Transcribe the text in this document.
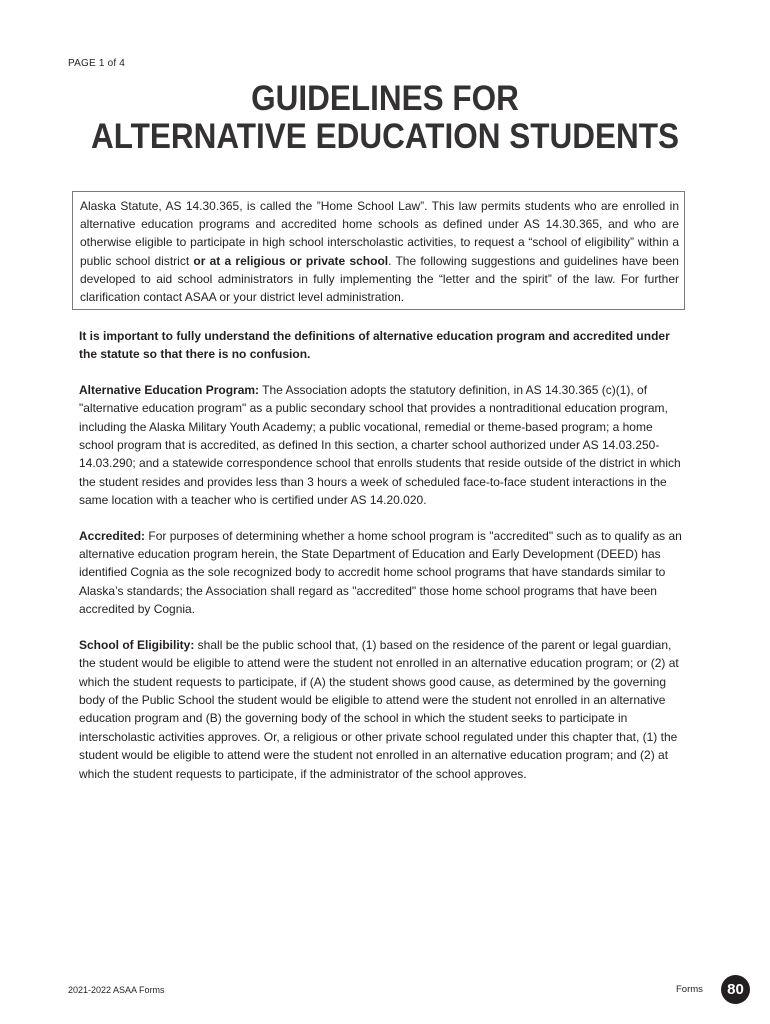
PAGE 1 of 4
GUIDELINES FOR
ALTERNATIVE EDUCATION STUDENTS
Alaska Statute, AS 14.30.365, is called the ”Home School Law”. This law permits students who are enrolled in alternative education programs and accredited home schools as defined under AS 14.30.365, and who are otherwise eligible to participate in high school interscholastic activities, to request a “school of eligibility” within a public school district or at a religious or private school. The following suggestions and guidelines have been developed to aid school administrators in fully implementing the “letter and the spirit” of the law. For further clarification contact ASAA or your district level administration.

It is important to fully understand the definitions of alternative education program and accredited under the statute so that there is no confusion.

Alternative Education Program: The Association adopts the statutory definition, in AS 14.30.365 (c)(1), of "alternative education program" as a public secondary school that provides a nontraditional education program, including the Alaska Military Youth Academy; a public vocational, remedial or theme-based program; a home school program that is accredited, as defined In this section, a charter school authorized under AS 14.03.250-14.03.290; and a statewide correspondence school that enrolls students that reside outside of the district in which the student resides and provides less than 3 hours a week of scheduled face-to-face student interactions in the same location with a teacher who is certified under AS 14.20.020.

Accredited: For purposes of determining whether a home school program is "accredited" such as to qualify as an alternative education program herein, the State Department of Education and Early Development (DEED) has identified Cognia as the sole recognized body to accredit home school programs that have standards similar to Alaska’s standards; the Association shall regard as "accredited" those home school programs that have been accredited by Cognia.

School of Eligibility: shall be the public school that, (1) based on the residence of the parent or legal guardian, the student would be eligible to attend were the student not enrolled in an alternative education program; or (2) at which the student requests to participate, if (A) the student shows good cause, as determined by the governing body of the Public School the student would be eligible to attend were the student not enrolled in an alternative education program and (B) the governing body of the school in which the student seeks to participate in interscholastic activities approves. Or, a religious or other private school regulated under this chapter that, (1) the student would be eligible to attend were the student not enrolled in an alternative education program; and (2) at which the student requests to participate, if the administrator of the school approves.

2021-2022 ASAA Forms	Forms	80
